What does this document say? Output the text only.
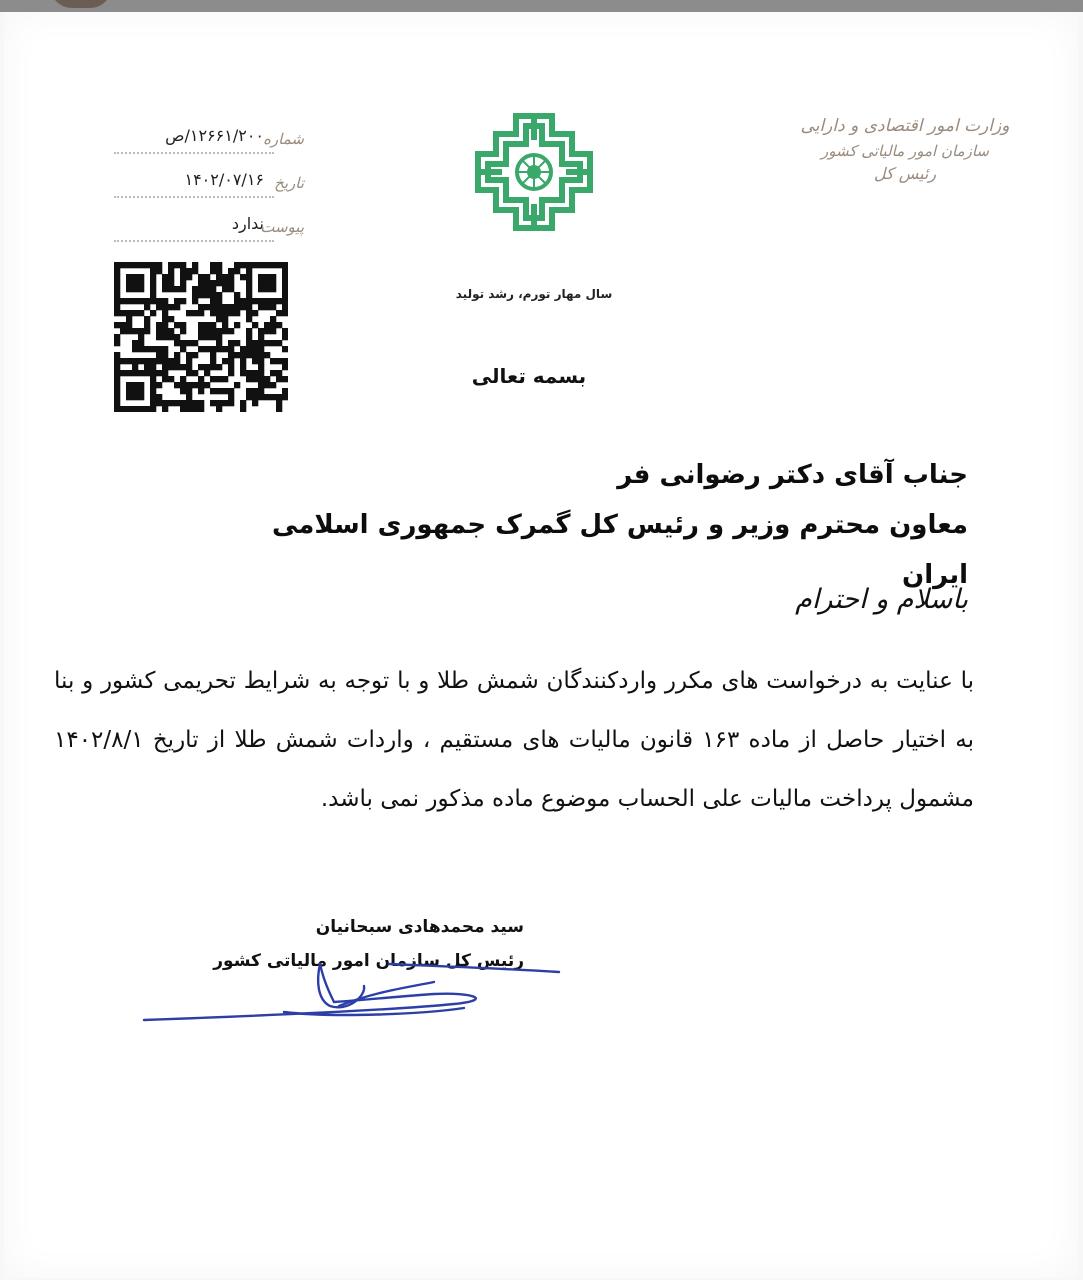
وزارت امور اقتصادی و دارایی
سازمان امور مالیاتی کشور
رئیس کل
سال مهار تورم، رشد تولید
شماره
۱۲۶۶۱/۲۰۰/ص
تاریخ
۱۴۰۲/۰۷/۱۶
پیوست
ندارد
بسمه تعالی
جناب آقای دکتر رضوانی فر
معاون محترم وزیر و رئیس کل گمرک جمهوری اسلامی ایران
باسلام و احترام
با عنایت به درخواست های مکرر واردکنندگان شمش طلا و با توجه به شرایط تحریمی کشور و بنا به اختیار حاصل از ماده ۱۶۳ قانون مالیات های مستقیم ، واردات شمش طلا از تاریخ ۱۴۰۲/۸/۱ مشمول پرداخت مالیات علی الحساب موضوع ماده مذکور نمی باشد.
سید محمدهادی سبحانیان
رئیس کل سازمان امور مالیاتی کشور
